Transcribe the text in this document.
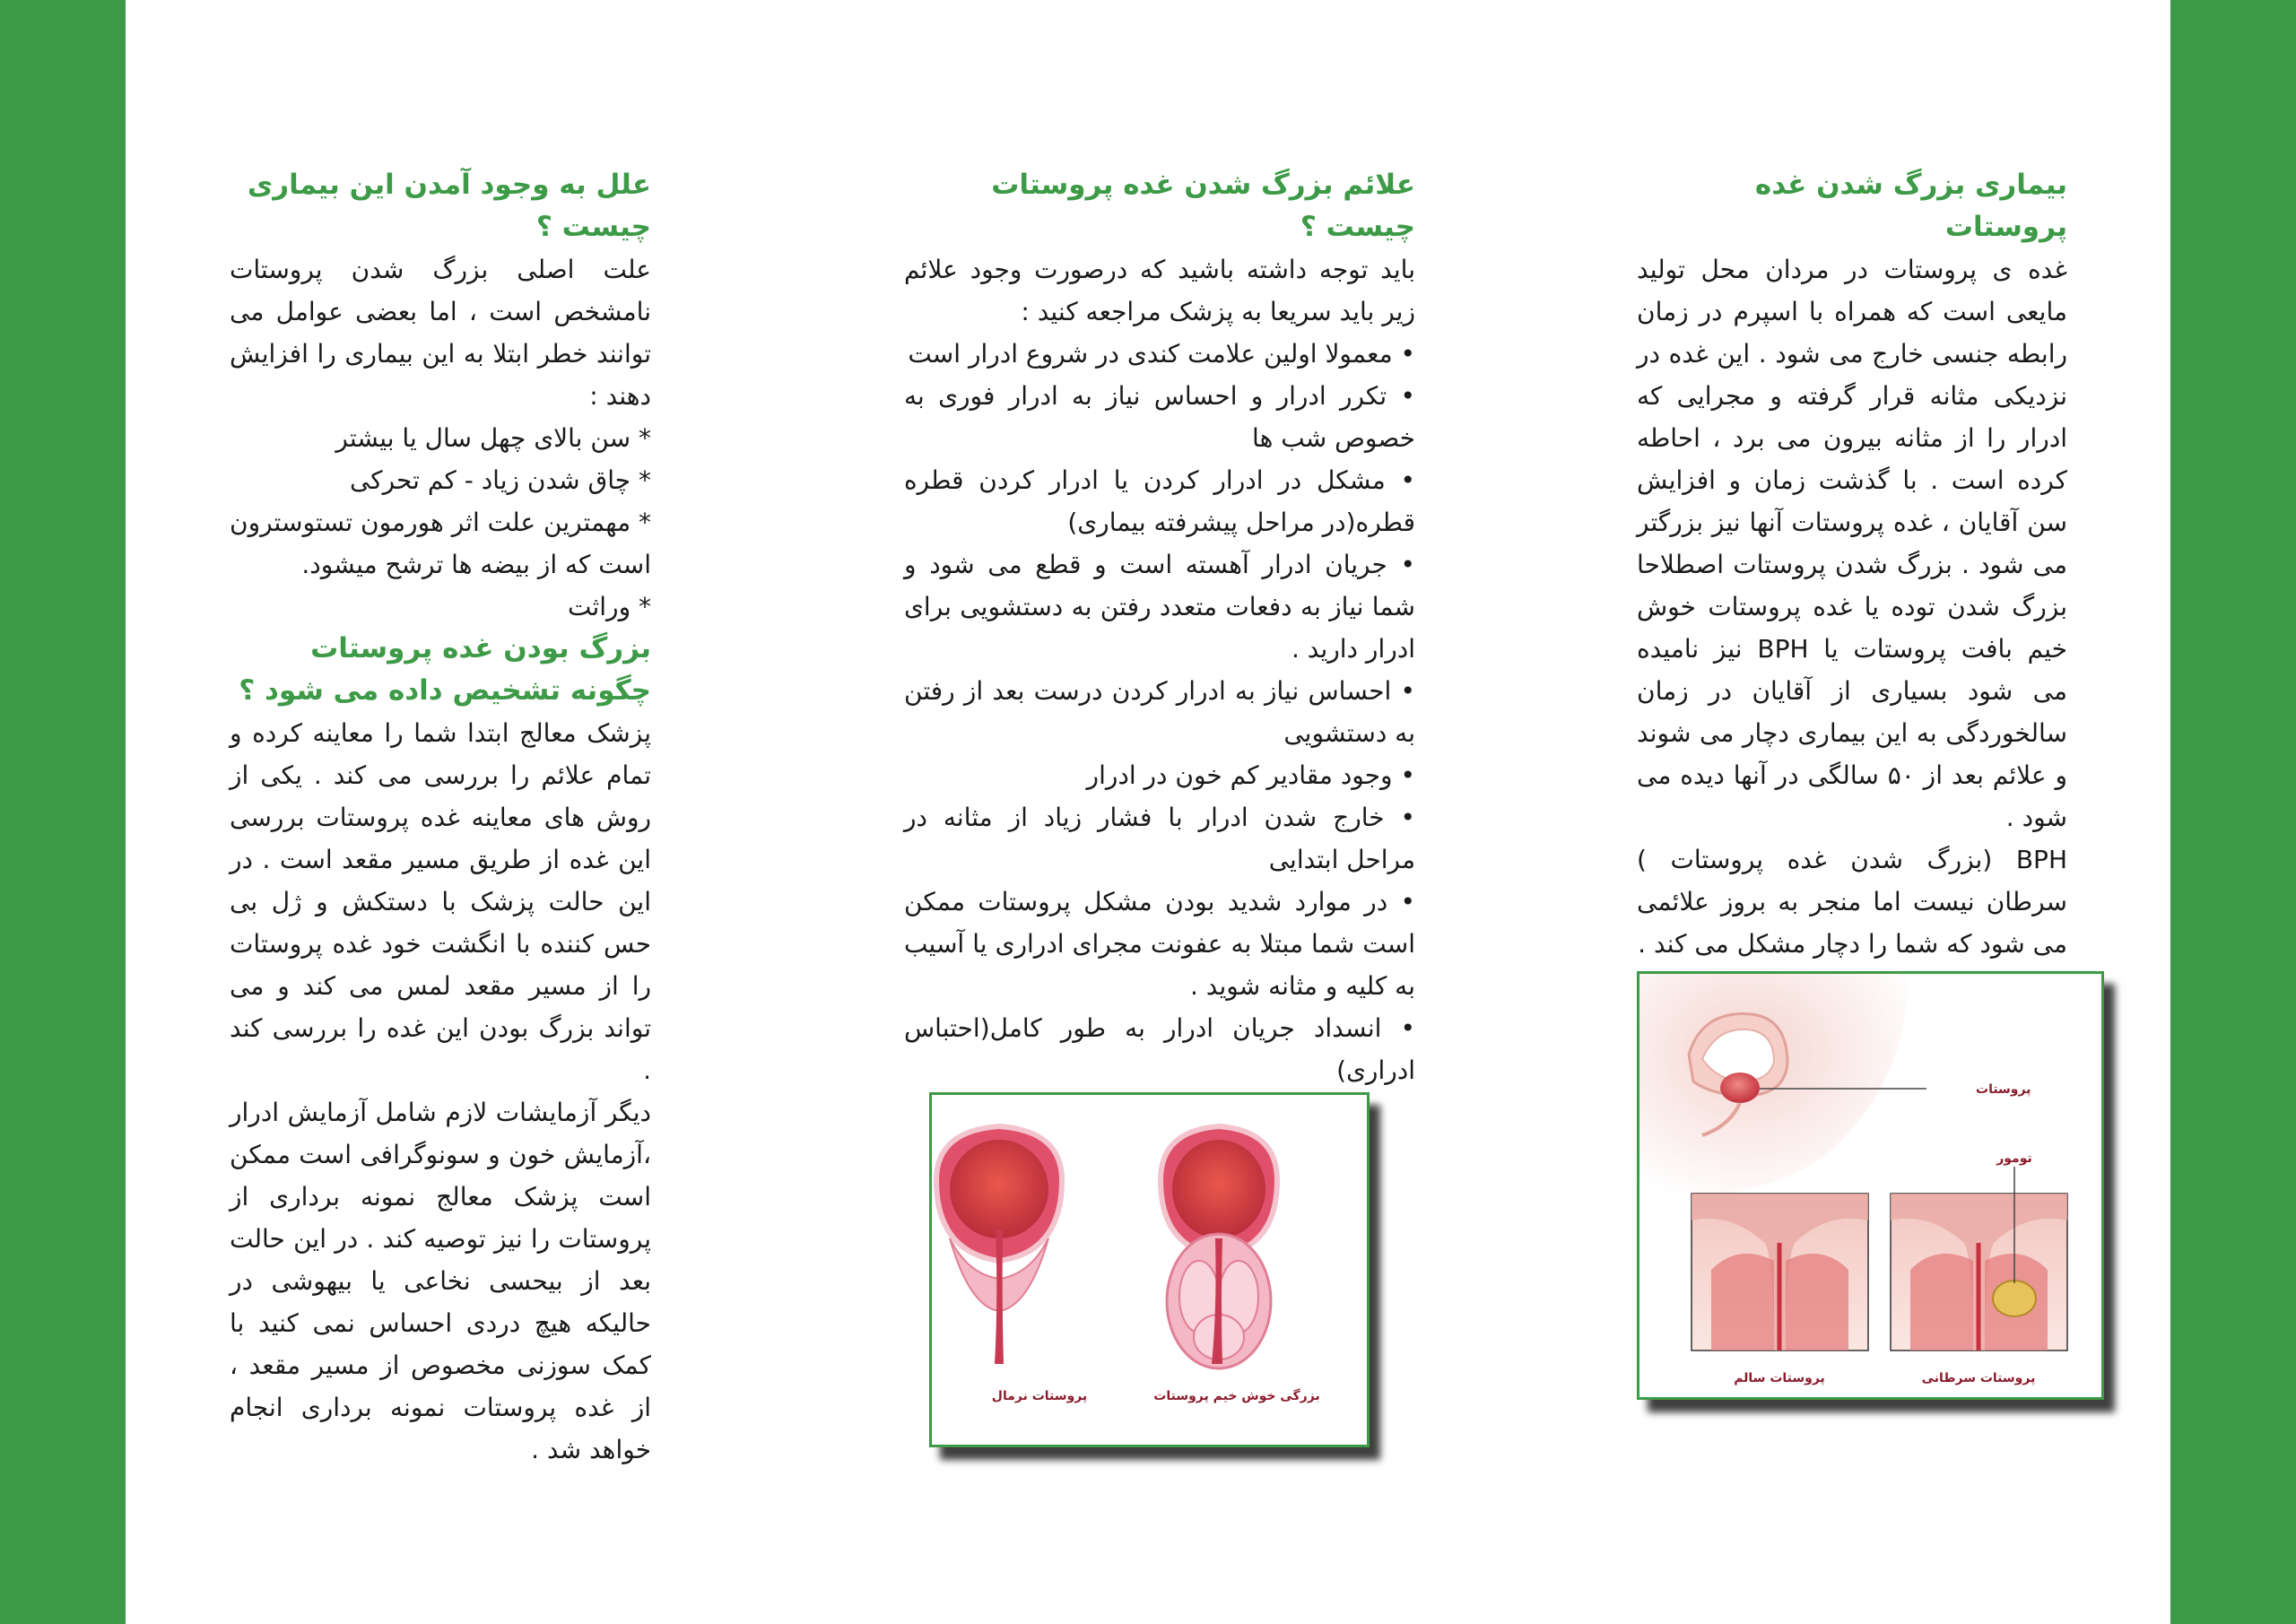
بیماری بزرگ شدن غده پروستات

غده ی پروستات در مردان محل تولید مایعی است که همراه با اسپرم در زمان رابطه جنسی خارج می شود . این غده در نزدیکی مثانه قرار گرفته و مجرایی که ادرار را از مثانه بیرون می برد ، احاطه کرده است . با گذشت زمان و افزایش سن آقایان ، غده پروستات آنها نیز بزرگتر می شود . بزرگ شدن پروستات اصطلاحا بزرگ شدن توده یا غده پروستات خوش خیم بافت پروستات یا BPH نیز نامیده می شود بسیاری از آقایان در زمان سالخوردگی به این بیماری دچار می شوند و علائم بعد از ۵۰ سالگی در آنها دیده می شود .

BPH (بزرگ شدن غده پروستات ) سرطان نیست اما منجر به بروز علائمی می شود که شما را دچار مشکل می کند .

پروستات
پروستات سالم
تومور
پروستات سرطانی

علائم بزرگ شدن غده پروستات چیست ؟

باید توجه داشته باشید که درصورت وجود علائم زیر باید سریعا به پزشک مراجعه کنید :

• معمولا اولین علامت کندی در شروع ادرار است
• تکرر ادرار و احساس نیاز به ادرار فوری به خصوص شب ها
• مشکل در ادرار کردن یا ادرار کردن قطره قطره(در مراحل پیشرفته بیماری)
• جریان ادرار آهسته است و قطع می شود و شما نیاز به دفعات متعدد رفتن به دستشویی برای ادرار دارید .
• احساس نیاز به ادرار کردن درست بعد از رفتن به دستشویی
• وجود مقادیر کم خون در ادرار
• خارج شدن ادرار با فشار زیاد از مثانه در مراحل ابتدایی
• در موارد شدید بودن مشکل پروستات ممکن است شما مبتلا به عفونت مجرای ادراری یا آسیب به کلیه و مثانه شوید .
• انسداد جریان ادرار به طور کامل(احتباس ادراری)
پروستات نرمال	بزرگی خوش خیم پروستات

علل به وجود آمدن این بیماری چیست ؟

علت اصلی بزرگ شدن پروستات نامشخص است ، اما بعضی عوامل می توانند خطر ابتلا به این بیماری را افزایش دهند :

* سن بالای چهل سال یا بیشتر

* چاق شدن زیاد - کم تحرکی

* مهمترین علت اثر هورمون تستوسترون است که از بیضه ها ترشح میشود.

* وراثت

بزرگ بودن غده پروستات چگونه تشخیص داده می شود ؟

پزشک معالج ابتدا شما را معاینه کرده و تمام علائم را بررسی می کند . یکی از روش های معاینه غده پروستات بررسی این غده از طریق مسیر مقعد است . در این حالت پزشک با دستکش و ژل بی حس کننده با انگشت خود غده پروستات را از مسیر مقعد لمس می کند و می تواند بزرگ بودن این غده را بررسی کند .

دیگر آزمایشات لازم شامل آزمایش ادرار ،آزمایش خون و سونوگرافی است ممکن است پزشک معالج نمونه برداری از پروستات را نیز توصیه کند . در این حالت بعد از بیحسی نخاعی یا بیهوشی در حالیکه هیچ دردی احساس نمی کنید با کمک سوزنی مخصوص از مسیر مقعد ، از غده پروستات نمونه برداری انجام خواهد شد .
